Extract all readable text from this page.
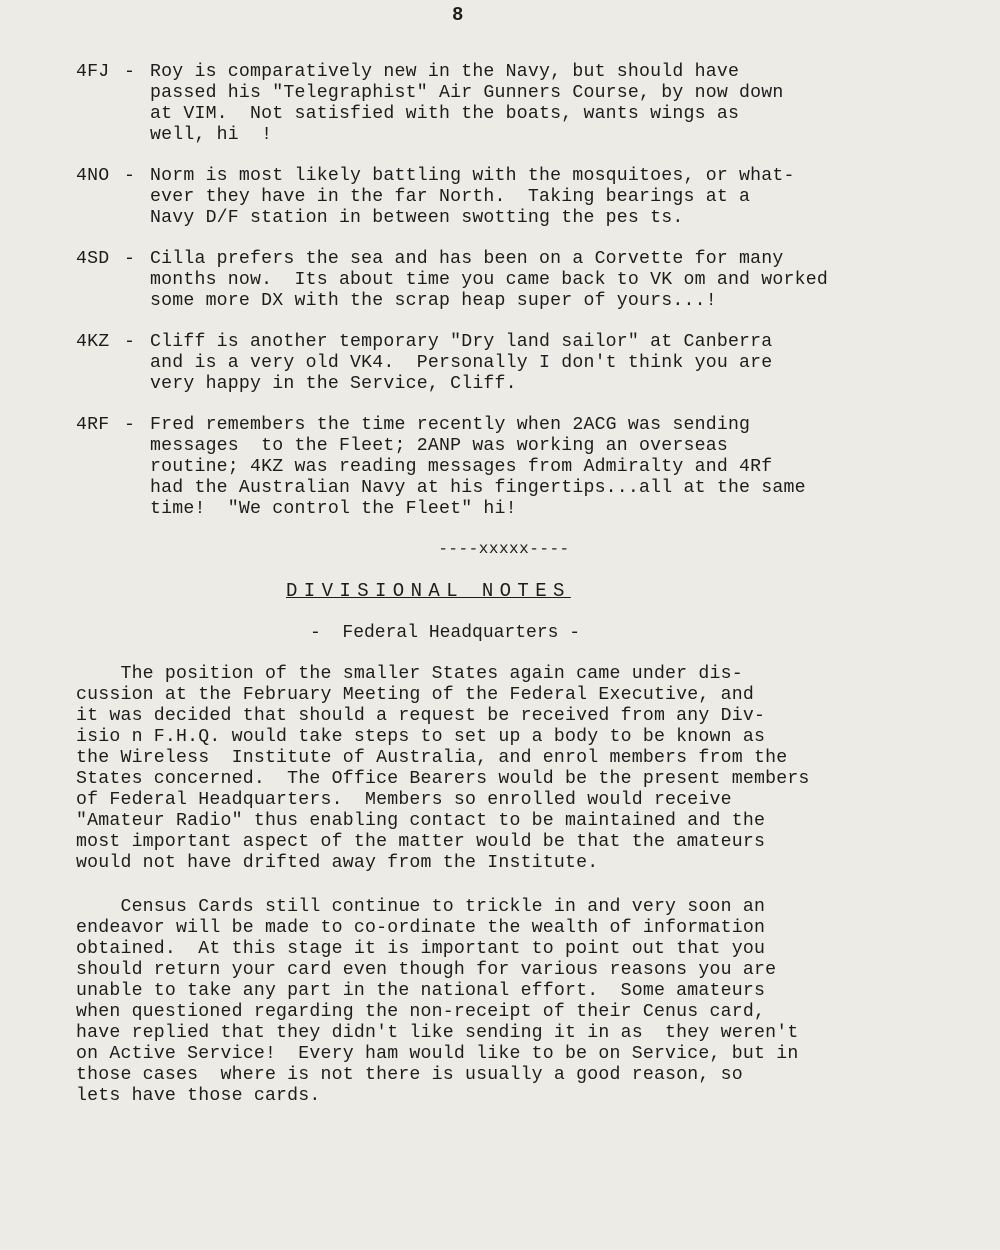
8
4FJ - Roy is comparatively new in the Navy, but should have
passed his "Telegraphist" Air Gunners Course, by now down
at VIM.  Not satisfied with the boats, wants wings as
well, hi  !
4NO - Norm is most likely battling with the mosquitoes, or what-
ever they have in the far North.  Taking bearings at a
Navy D/F station in between swotting the pes ts.
4SD - Cilla prefers the sea and has been on a Corvette for many
months now.  Its about time you came back to VK om and worked
some more DX with the scrap heap super of yours...!
4KZ - Cliff is another temporary "Dry land sailor" at Canberra
and is a very old VK4.  Personally I don't think you are
very happy in the Service, Cliff.
4RF - Fred remembers the time recently when 2ACG was sending
messages  to the Fleet; 2ANP was working an overseas
routine; 4KZ was reading messages from Admiralty and 4Rf
had the Australian Navy at his fingertips...all at the same
time!  "We control the Fleet" hi!
----xxxxx----
DIVISIONAL NOTES
-  Federal Headquarters -
The position of the smaller States again came under dis-
cussion at the February Meeting of the Federal Executive, and
it was decided that should a request be received from any Div-
isio n F.H.Q. would take steps to set up a body to be known as
the Wireless  Institute of Australia, and enrol members from the
States concerned.  The Office Bearers would be the present members
of Federal Headquarters.  Members so enrolled would receive
"Amateur Radio" thus enabling contact to be maintained and the
most important aspect of the matter would be that the amateurs
would not have drifted away from the Institute.
Census Cards still continue to trickle in and very soon an
endeavor will be made to co-ordinate the wealth of information
obtained.  At this stage it is important to point out that you
should return your card even though for various reasons you are
unable to take any part in the national effort.  Some amateurs
when questioned regarding the non-receipt of their Cenus card,
have replied that they didn't like sending it in as  they weren't
on Active Service!  Every ham would like to be on Service, but in
those cases  where is not there is usually a good reason, so
lets have those cards.
